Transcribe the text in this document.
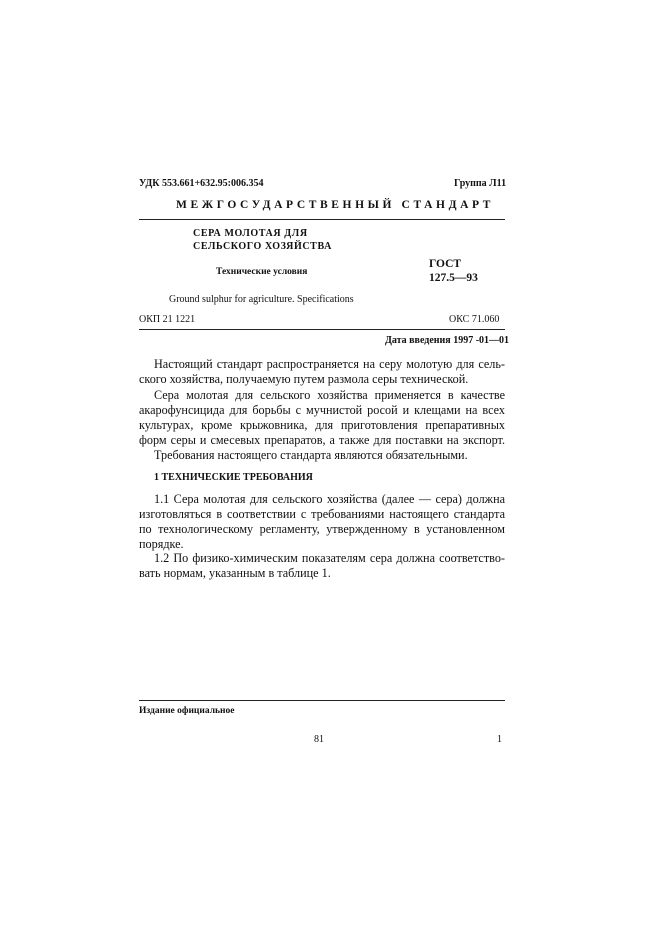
УДК 553.661+632.95:006.354	Группа Л11
МЕЖГОСУДАРСТВЕННЫЙ СТАНДАРТ
СЕРА МОЛОТАЯ ДЛЯ
СЕЛЬСКОГО ХОЗЯЙСТВА
Технические условия
ГОСТ
127.5—93
Ground sulphur for agriculture. Specifications
ОКП 21 1221	ОКС 71.060
Дата введения 1997 -01—01
Настоящий стандарт распространяется на серу молотую для сель-
ского хозяйства, получаемую путем размола серы технической.
Сера молотая для сельского хозяйства применяется в качестве
акарофунсицида для борьбы с мучнистой росой и клещами на всех
культурах, кроме крыжовника, для приготовления препаративных
форм серы и смесевых препаратов, а также для поставки на экспорт.
Требования настоящего стандарта являются обязательными.
1 ТЕХНИЧЕСКИЕ ТРЕБОВАНИЯ
1.1 Сера молотая для сельского хозяйства (далее — сера) должна
изготовляться в соответствии с требованиями настоящего стандарта
по технологическому регламенту, утвержденному в установленном
порядке.
1.2 По физико-химическим показателям сера должна соответство-
вать нормам, указанным в таблице 1.
Издание официальное
81	1
